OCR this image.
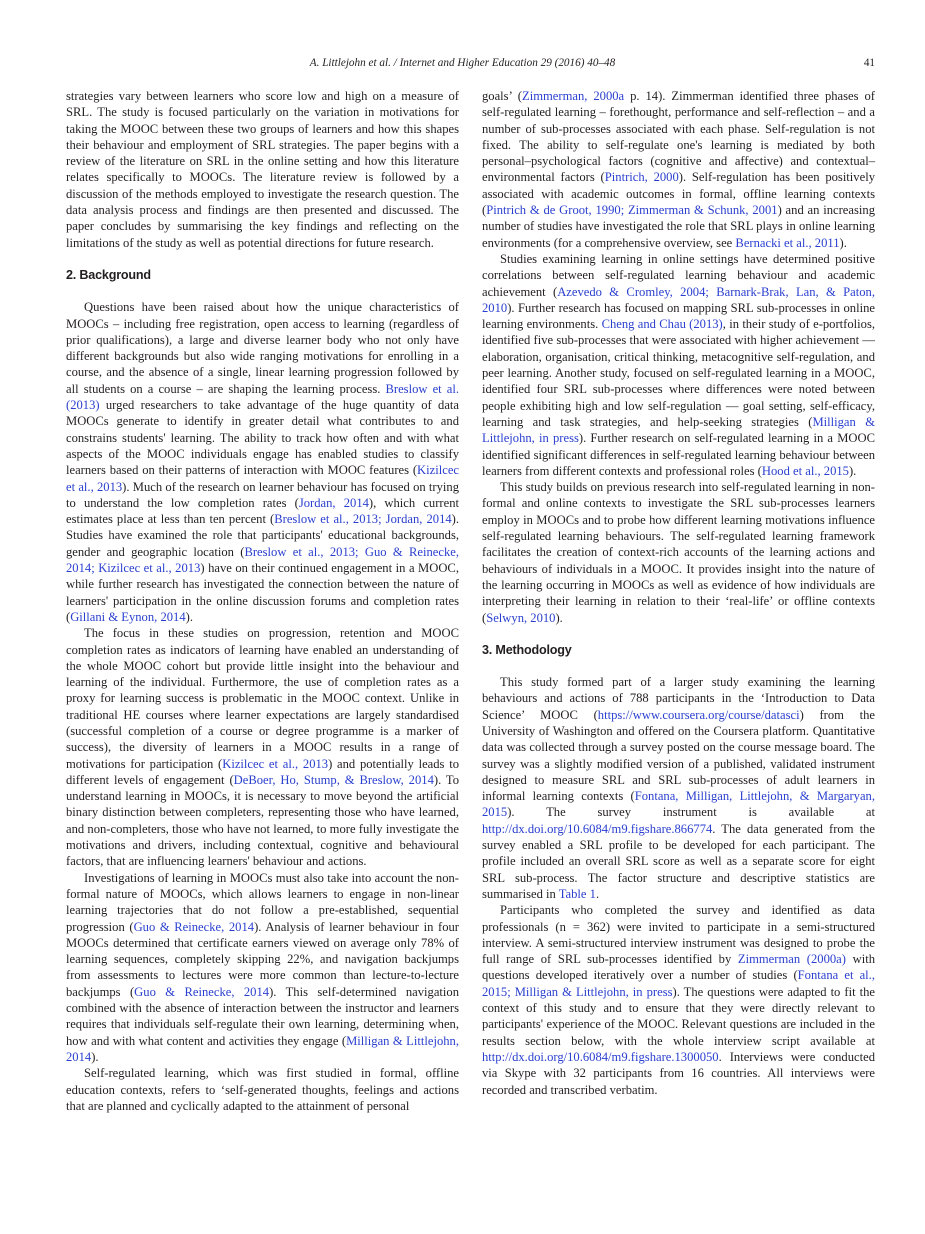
A. Littlejohn et al. / Internet and Higher Education 29 (2016) 40–48	41

strategies vary between learners who score low and high on a measure of SRL. The study is focused particularly on the variation in motivations for taking the MOOC between these two groups of learners and how this shapes their behaviour and employment of SRL strategies. The paper begins with a review of the literature on SRL in the online setting and how this literature relates specifically to MOOCs. The literature review is followed by a discussion of the methods employed to investigate the research question. The data analysis process and findings are then presented and discussed. The paper concludes by summarising the key findings and reflecting on the limitations of the study as well as potential directions for future research.

2. Background

Questions have been raised about how the unique characteristics of MOOCs – including free registration, open access to learning (regardless of prior qualifications), a large and diverse learner body who not only have different backgrounds but also wide ranging motivations for enrolling in a course, and the absence of a single, linear learning progression followed by all students on a course – are shaping the learning process. Breslow et al. (2013) urged researchers to take advantage of the huge quantity of data MOOCs generate to identify in greater detail what contributes to and constrains students' learning. The ability to track how often and with what aspects of the MOOC individuals engage has enabled studies to classify learners based on their patterns of interaction with MOOC features (Kizilcec et al., 2013). Much of the research on learner behaviour has focused on trying to understand the low completion rates (Jordan, 2014), which current estimates place at less than ten percent (Breslow et al., 2013; Jordan, 2014). Studies have examined the role that participants' educational backgrounds, gender and geographic location (Breslow et al., 2013; Guo & Reinecke, 2014; Kizilcec et al., 2013) have on their continued engagement in a MOOC, while further research has investigated the connection between the nature of learners' participation in the online discussion forums and completion rates (Gillani & Eynon, 2014).

The focus in these studies on progression, retention and MOOC completion rates as indicators of learning have enabled an understanding of the whole MOOC cohort but provide little insight into the behaviour and learning of the individual. Furthermore, the use of completion rates as a proxy for learning success is problematic in the MOOC context. Unlike in traditional HE courses where learner expectations are largely standardised (successful completion of a course or degree programme is a marker of success), the diversity of learners in a MOOC results in a range of motivations for participation (Kizilcec et al., 2013) and potentially leads to different levels of engagement (DeBoer, Ho, Stump, & Breslow, 2014). To understand learning in MOOCs, it is necessary to move beyond the artificial binary distinction between completers, representing those who have learned, and non-completers, those who have not learned, to more fully investigate the motivations and drivers, including contextual, cognitive and behavioural factors, that are influencing learners' behaviour and actions.

Investigations of learning in MOOCs must also take into account the non-formal nature of MOOCs, which allows learners to engage in non-linear learning trajectories that do not follow a pre-established, sequential progression (Guo & Reinecke, 2014). Analysis of learner behaviour in four MOOCs determined that certificate earners viewed on average only 78% of learning sequences, completely skipping 22%, and navigation backjumps from assessments to lectures were more common than lecture-to-lecture backjumps (Guo & Reinecke, 2014). This self-determined navigation combined with the absence of interaction between the instructor and learners requires that individuals self-regulate their own learning, determining when, how and with what content and activities they engage (Milligan & Littlejohn, 2014).

Self-regulated learning, which was first studied in formal, offline education contexts, refers to ‘self-generated thoughts, feelings and actions that are planned and cyclically adapted to the attainment of personal

goals’ (Zimmerman, 2000a p. 14). Zimmerman identified three phases of self-regulated learning – forethought, performance and self-reflection – and a number of sub-processes associated with each phase. Self-regulation is not fixed. The ability to self-regulate one's learning is mediated by both personal–psychological factors (cognitive and affective) and contextual–environmental factors (Pintrich, 2000). Self-regulation has been positively associated with academic outcomes in formal, offline learning contexts (Pintrich & de Groot, 1990; Zimmerman & Schunk, 2001) and an increasing number of studies have investigated the role that SRL plays in online learning environments (for a comprehensive overview, see Bernacki et al., 2011).

Studies examining learning in online settings have determined positive correlations between self-regulated learning behaviour and academic achievement (Azevedo & Cromley, 2004; Barnark-Brak, Lan, & Paton, 2010). Further research has focused on mapping SRL sub-processes in online learning environments. Cheng and Chau (2013), in their study of e-portfolios, identified five sub-processes that were associated with higher achievement — elaboration, organisation, critical thinking, metacognitive self-regulation, and peer learning. Another study, focused on self-regulated learning in a MOOC, identified four SRL sub-processes where differences were noted between people exhibiting high and low self-regulation — goal setting, self-efficacy, learning and task strategies, and help-seeking strategies (Milligan & Littlejohn, in press). Further research on self-regulated learning in a MOOC identified significant differences in self-regulated learning behaviour between learners from different contexts and professional roles (Hood et al., 2015).

This study builds on previous research into self-regulated learning in non-formal and online contexts to investigate the SRL sub-processes learners employ in MOOCs and to probe how different learning motivations influence self-regulated learning behaviours. The self-regulated learning framework facilitates the creation of context-rich accounts of the learning actions and behaviours of individuals in a MOOC. It provides insight into the nature of the learning occurring in MOOCs as well as evidence of how individuals are interpreting their learning in relation to their ‘real-life’ or offline contexts (Selwyn, 2010).

3. Methodology

This study formed part of a larger study examining the learning behaviours and actions of 788 participants in the ‘Introduction to Data Science’ MOOC (https://www.coursera.org/course/datasci) from the University of Washington and offered on the Coursera platform. Quantitative data was collected through a survey posted on the course message board. The survey was a slightly modified version of a published, validated instrument designed to measure SRL and SRL sub-processes of adult learners in informal learning contexts (Fontana, Milligan, Littlejohn, & Margaryan, 2015). The survey instrument is available at http://dx.doi.org/10.6084/m9.figshare.866774. The data generated from the survey enabled a SRL profile to be developed for each participant. The profile included an overall SRL score as well as a separate score for eight SRL sub-process. The factor structure and descriptive statistics are summarised in Table 1.

Participants who completed the survey and identified as data professionals (n = 362) were invited to participate in a semi-structured interview. A semi-structured interview instrument was designed to probe the full range of SRL sub-processes identified by Zimmerman (2000a) with questions developed iteratively over a number of studies (Fontana et al., 2015; Milligan & Littlejohn, in press). The questions were adapted to fit the context of this study and to ensure that they were directly relevant to participants' experience of the MOOC. Relevant questions are included in the results section below, with the whole interview script available at http://dx.doi.org/10.6084/m9.figshare.1300050. Interviews were conducted via Skype with 32 participants from 16 countries. All interviews were recorded and transcribed verbatim.
